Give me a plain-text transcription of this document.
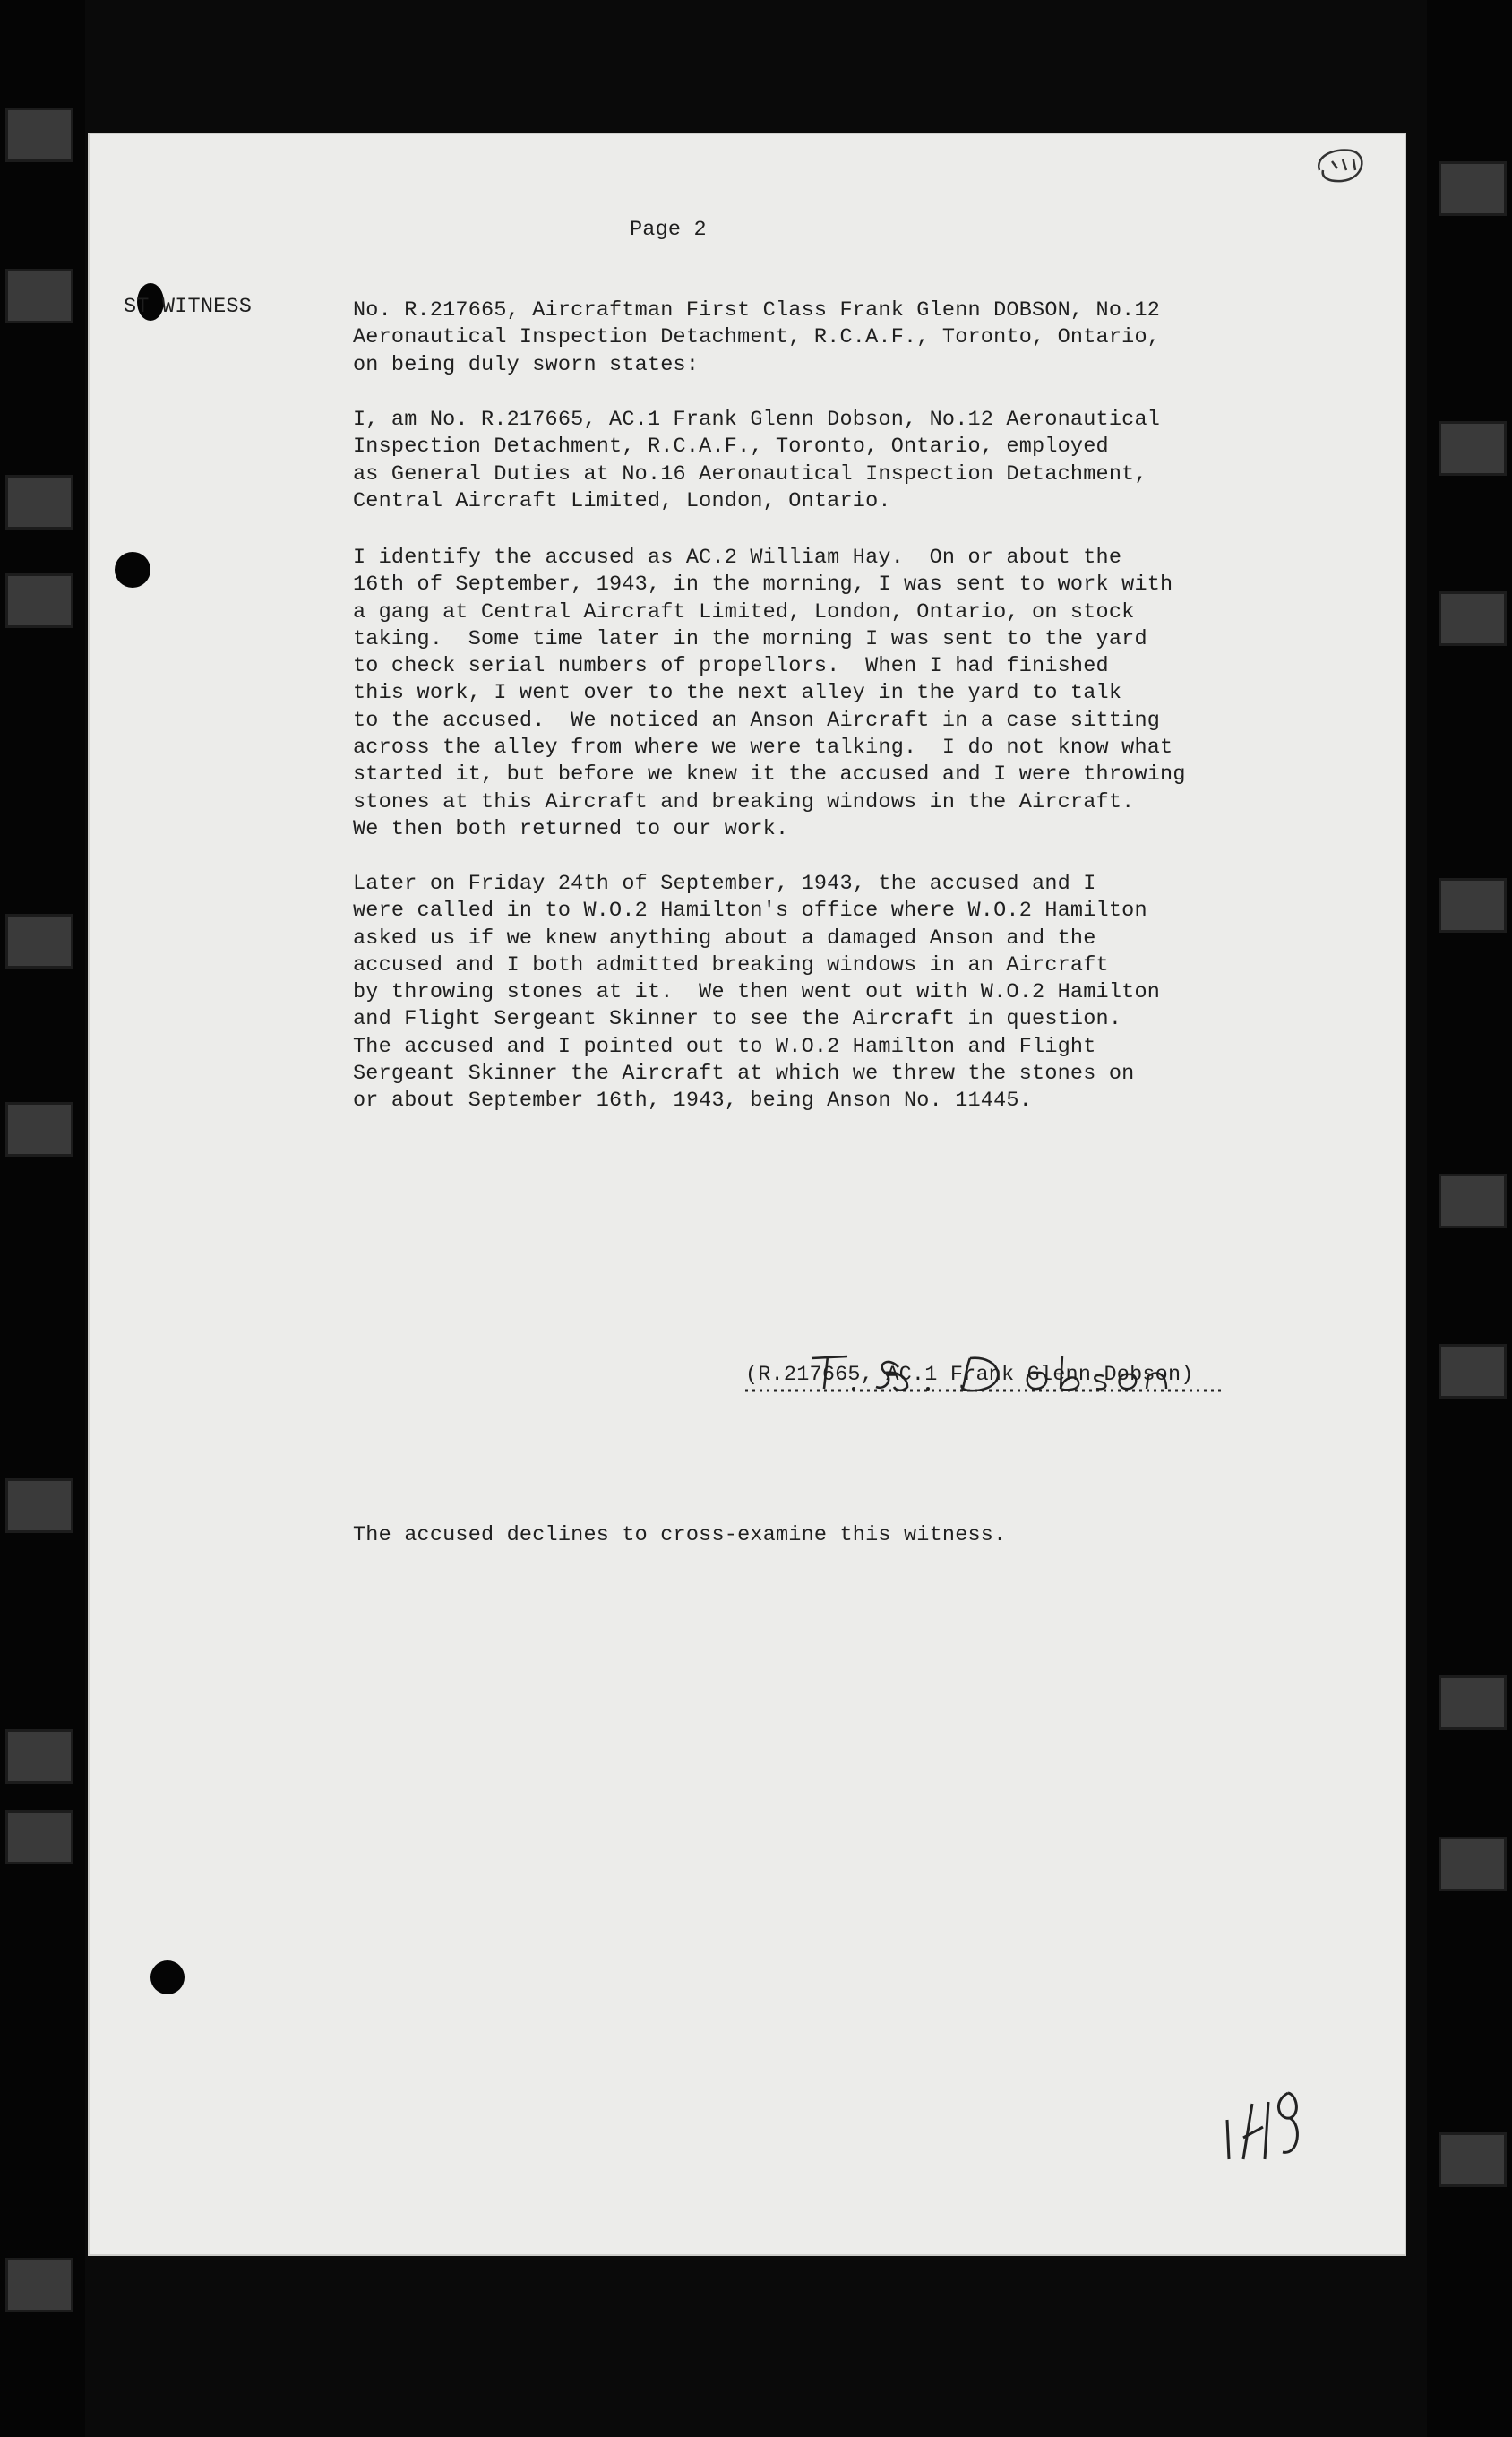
Page 2
ST WITNESS	No. R.217665, Aircraftman First Class Frank Glenn DOBSON, No.12
Aeronautical Inspection Detachment, R.C.A.F., Toronto, Ontario,
on being duly sworn states:
I, am No. R.217665, AC.1 Frank Glenn Dobson, No.12 Aeronautical
Inspection Detachment, R.C.A.F., Toronto, Ontario, employed
as General Duties at No.16 Aeronautical Inspection Detachment,
Central Aircraft Limited, London, Ontario.
I identify the accused as AC.2 William Hay.  On or about the
16th of September, 1943, in the morning, I was sent to work with
a gang at Central Aircraft Limited, London, Ontario, on stock
taking.  Some time later in the morning I was sent to the yard
to check serial numbers of propellors.  When I had finished
this work, I went over to the next alley in the yard to talk
to the accused.  We noticed an Anson Aircraft in a case sitting
across the alley from where we were talking.  I do not know what
started it, but before we knew it the accused and I were throwing
stones at this Aircraft and breaking windows in the Aircraft.
We then both returned to our work.
Later on Friday 24th of September, 1943, the accused and I
were called in to W.O.2 Hamilton's office where W.O.2 Hamilton
asked us if we knew anything about a damaged Anson and the
accused and I both admitted breaking windows in an Aircraft
by throwing stones at it.  We then went out with W.O.2 Hamilton
and Flight Sergeant Skinner to see the Aircraft in question.
The accused and I pointed out to W.O.2 Hamilton and Flight
Sergeant Skinner the Aircraft at which we threw the stones on
or about September 16th, 1943, being Anson No. 11445.
(R.217665, AC.1 Frank Glenn Dobson)
The accused declines to cross-examine this witness.
